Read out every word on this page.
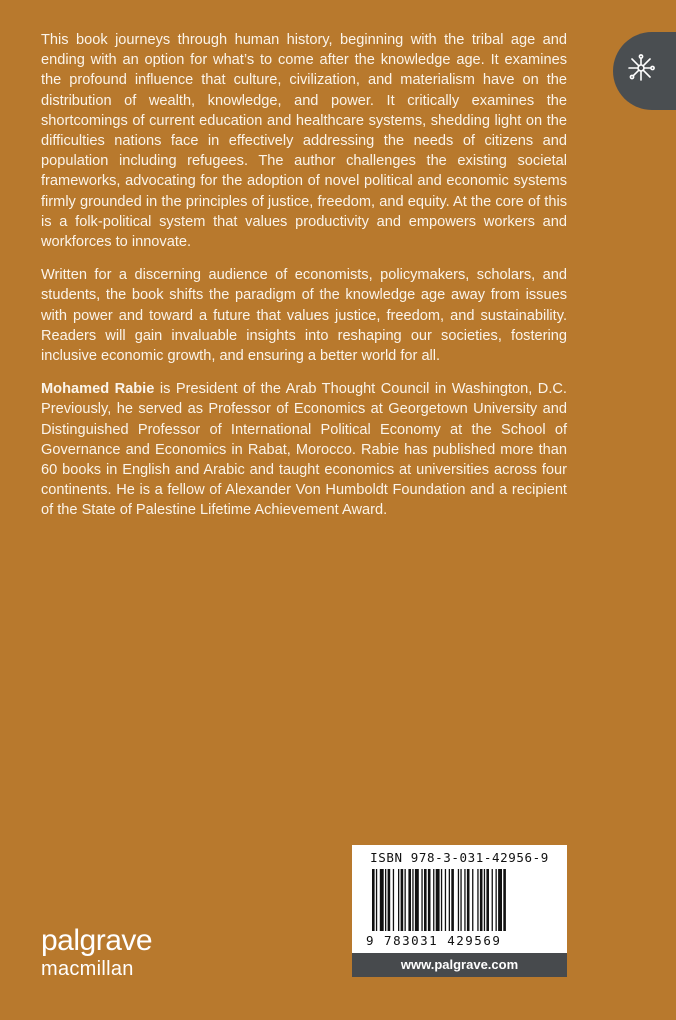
This book journeys through human history, beginning with the tribal age and ending with an option for what’s to come after the knowledge age. It examines the profound influence that culture, civilization, and materialism have on the distribution of wealth, knowledge, and power. It critically examines the shortcomings of current education and healthcare systems, shedding light on the difficulties nations face in effectively addressing the needs of citizens and population including refugees. The author challenges the existing societal frameworks, advocating for the adoption of novel political and economic systems firmly grounded in the principles of justice, freedom, and equity. At the core of this is a folk-political system that values productivity and empowers workers and workforces to innovate.

Written for a discerning audience of economists, policymakers, scholars, and students, the book shifts the paradigm of the knowledge age away from issues with power and toward a future that values justice, freedom, and sustainability. Readers will gain invaluable insights into reshaping our societies, fostering inclusive economic growth, and ensuring a better world for all.

Mohamed Rabie is President of the Arab Thought Council in Washington, D.C. Previously, he served as Professor of Economics at Georgetown University and Distinguished Professor of International Political Economy at the School of Governance and Economics in Rabat, Morocco. Rabie has published more than 60 books in English and Arabic and taught economics at universities across four continents. He is a fellow of Alexander Von Humboldt Foundation and a recipient of the State of Palestine Lifetime Achievement Award.

ISBN 978-3-031-42956-9
9 783031 429569
www.palgrave.com
palgrave
macmillan
